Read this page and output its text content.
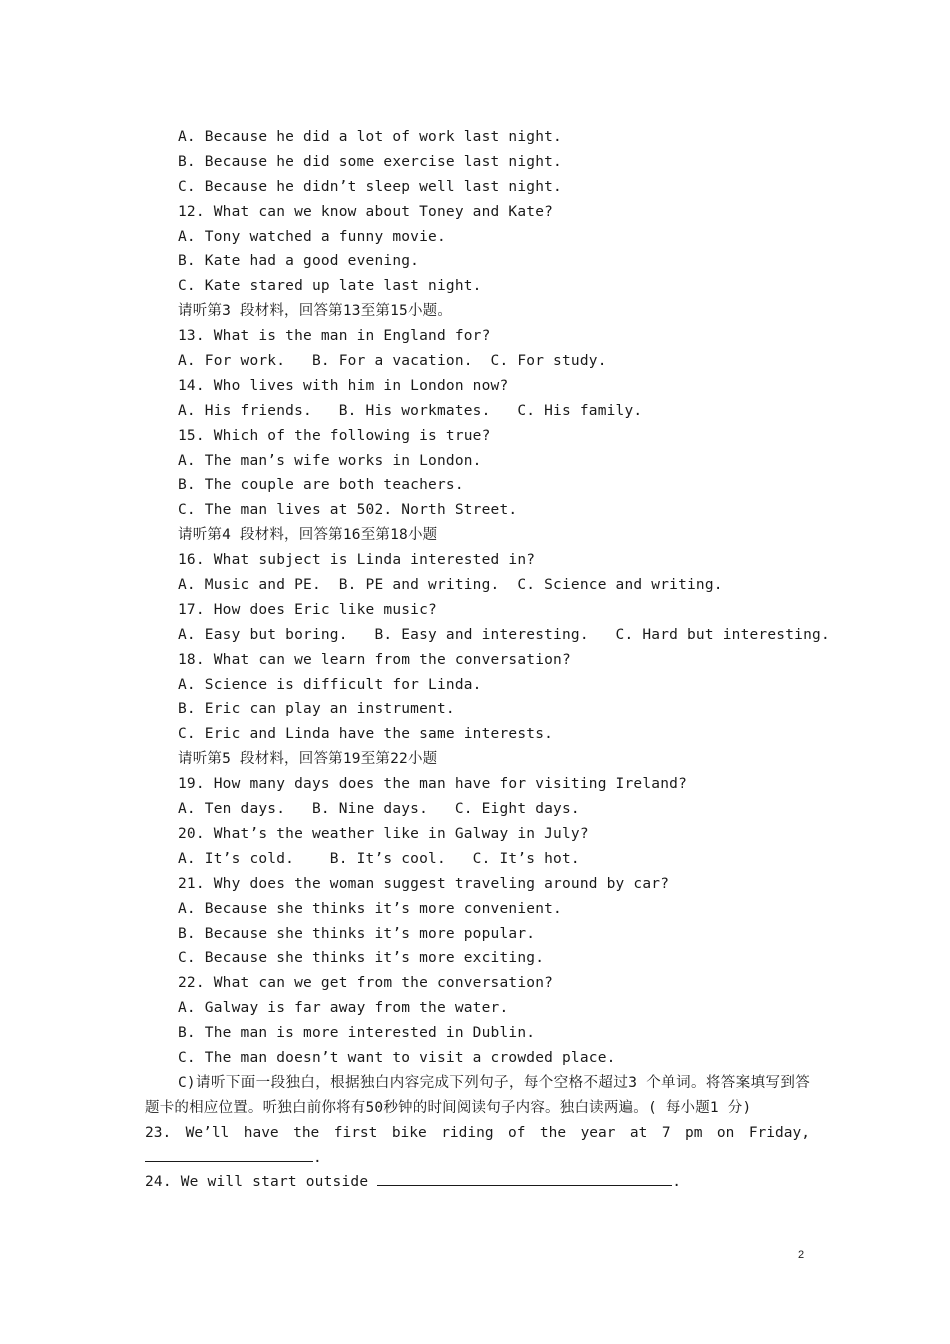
A. Because he did a lot of work last night.
B. Because he did some exercise last night.
C. Because he didn’t sleep well last night.
12. What can we know about Toney and Kate?
A. Tony watched a funny movie.
B. Kate had a good evening.
C. Kate stared up late last night.
请听第3 段材料，回答第13至第15小题。
13. What is the man in England for?
A. For work.   B. For a vacation.  C. For study.
14. Who lives with him in London now?
A. His friends.   B. His workmates.   C. His family.
15. Which of the following is true?
A. The man’s wife works in London.
B. The couple are both teachers.
C. The man lives at 502. North Street.
请听第4 段材料，回答第16至第18小题
16. What subject is Linda interested in?
A. Music and PE.  B. PE and writing.  C. Science and writing.
17. How does Eric like music?
A. Easy but boring.   B. Easy and interesting.   C. Hard but interesting.
18. What can we learn from the conversation?
A. Science is difficult for Linda.
B. Eric can play an instrument.
C. Eric and Linda have the same interests.
请听第5 段材料，回答第19至第22小题
19. How many days does the man have for visiting Ireland?
A. Ten days.   B. Nine days.   C. Eight days.
20. What’s the weather like in Galway in July?
A. It’s cold.    B. It’s cool.   C. It’s hot.
21. Why does the woman suggest traveling around by car?
A. Because she thinks it’s more convenient.
B. Because she thinks it’s more popular.
C. Because she thinks it’s more exciting.
22. What can we get from the conversation?
A. Galway is far away from the water.
B. The man is more interested in Dublin.
C. The man doesn’t want to visit a crowded place.

C)请听下面一段独白，根据独白内容完成下列句子，每个空格不超过3 个单词。将答案填写到答题卡的相应位置。听独白前你将有50秒钟的时间阅读句子内容。独白读两遍。( 每小题1 分)

23. We’ll have the first bike riding of the year at 7 pm on Friday,
.
24. We will start outside	.
2
